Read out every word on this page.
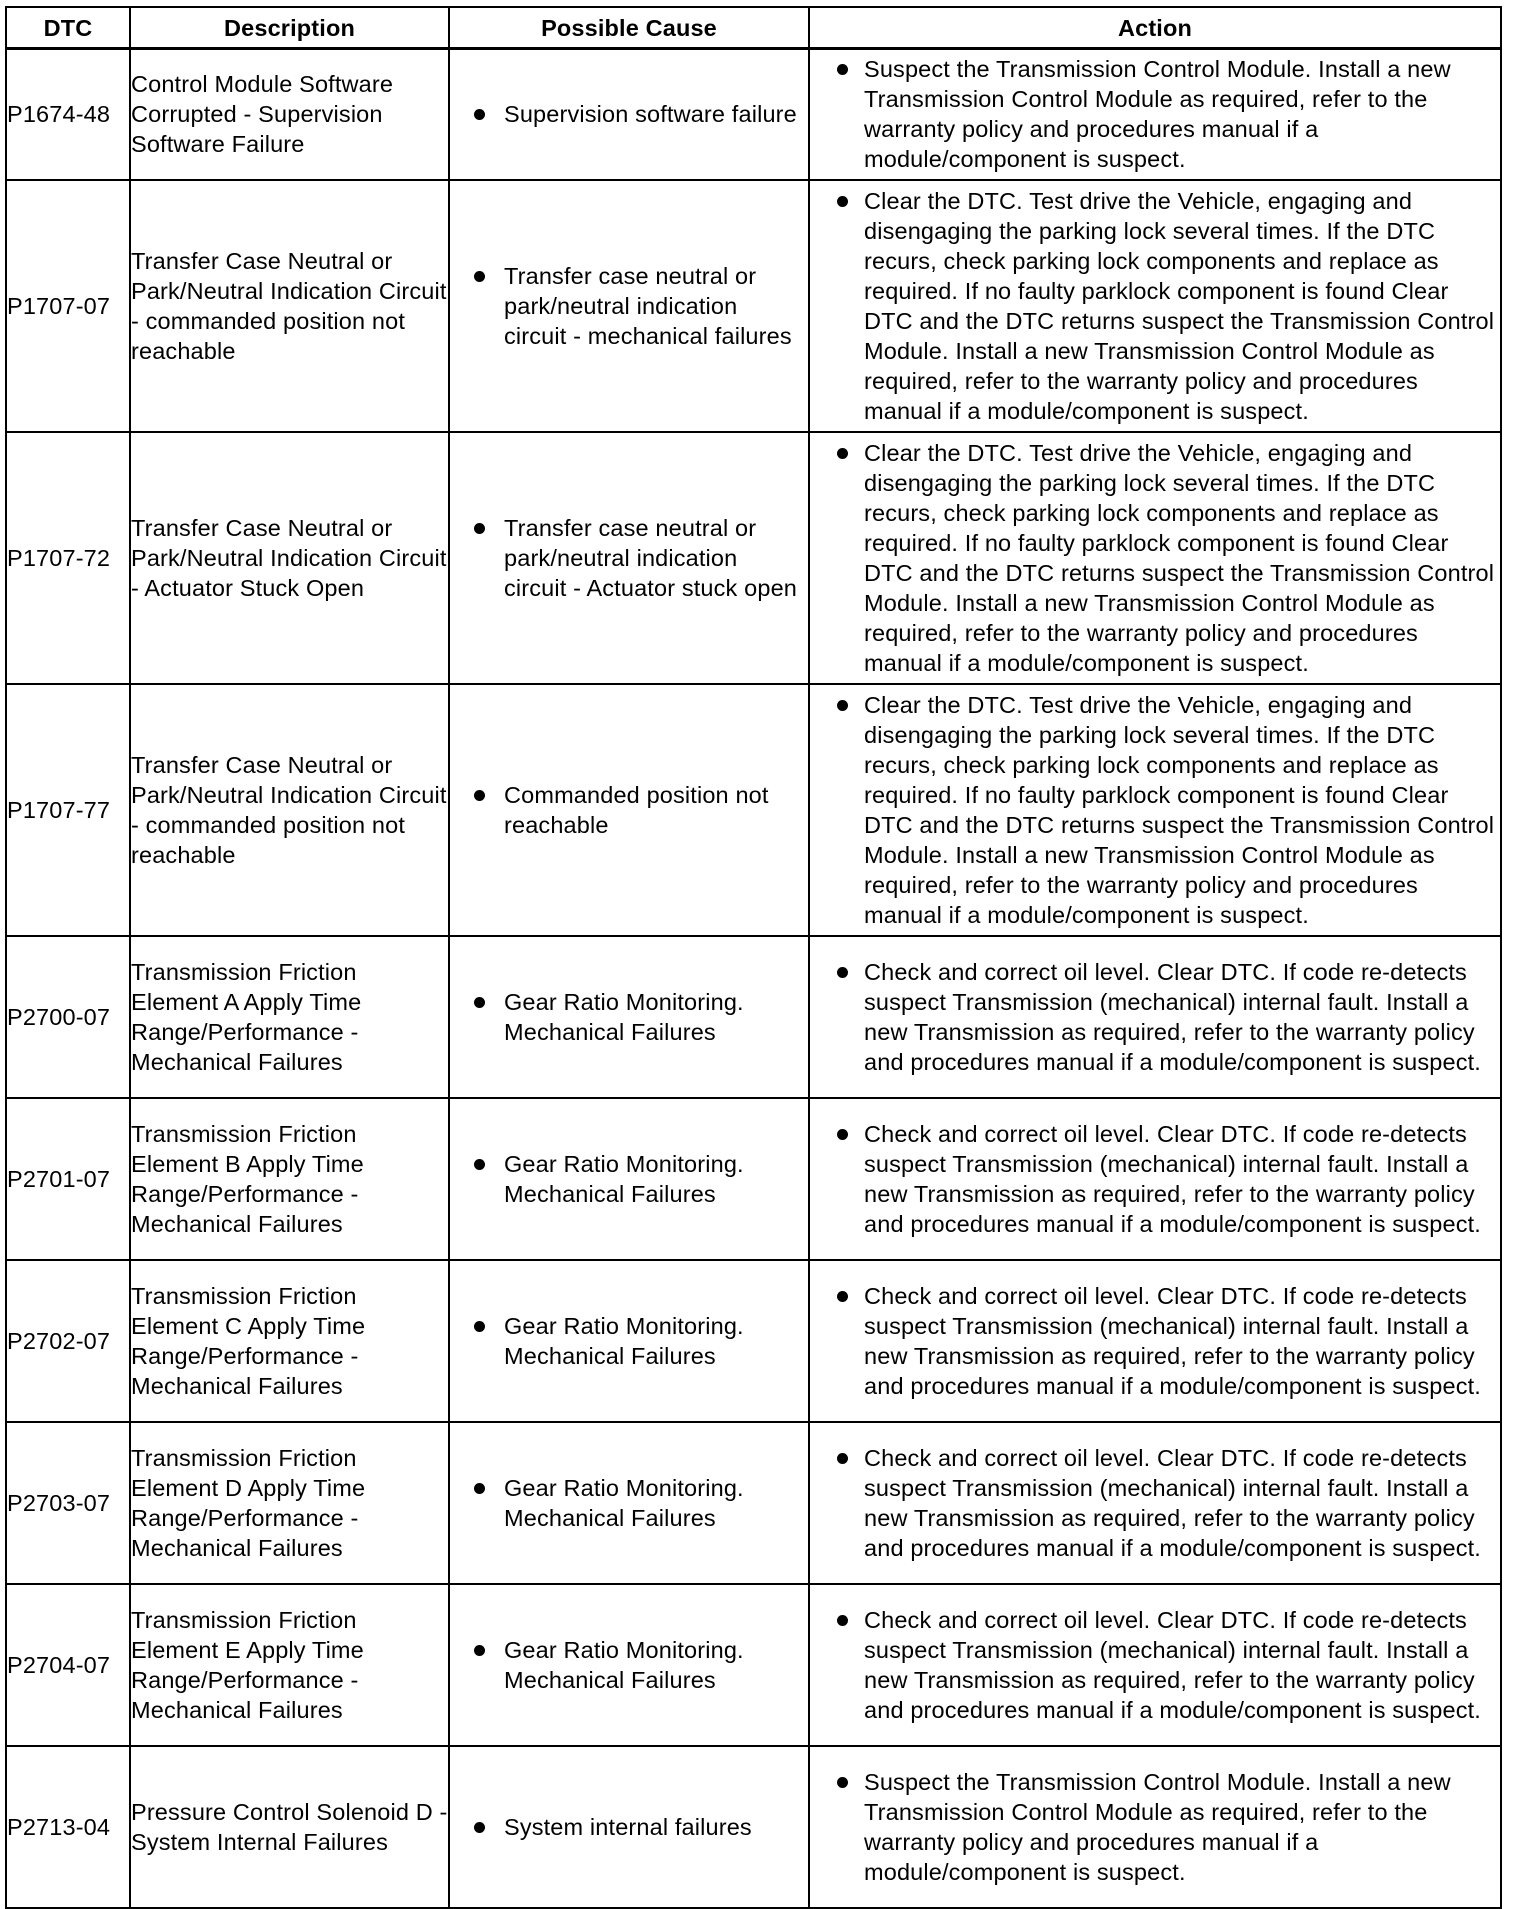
DTC	Description	Possible Cause	Action
P1674-48	Control Module Software Corrupted - Supervision Software Failure	Supervision software failure	Suspect the Transmission Control Module. Install a new Transmission Control Module as required, refer to the warranty policy and procedures manual if a module/component is suspect.

P1707-07	Transfer Case Neutral or Park/Neutral Indication Circuit - commanded position not reachable	Transfer case neutral or park/neutral indication circuit - mechanical failures	Clear the DTC. Test drive the Vehicle, engaging and disengaging the parking lock several times. If the DTC recurs, check parking lock components and replace as required. If no faulty parklock component is found Clear DTC and the DTC returns suspect the Transmission Control Module. Install a new Transmission Control Module as required, refer to the warranty policy and procedures manual if a module/component is suspect.

P1707-72	Transfer Case Neutral or Park/Neutral Indication Circuit - Actuator Stuck Open	Transfer case neutral or park/neutral indication circuit - Actuator stuck open	Clear the DTC. Test drive the Vehicle, engaging and disengaging the parking lock several times. If the DTC recurs, check parking lock components and replace as required. If no faulty parklock component is found Clear DTC and the DTC returns suspect the Transmission Control Module. Install a new Transmission Control Module as required, refer to the warranty policy and procedures manual if a module/component is suspect.

P1707-77	Transfer Case Neutral or Park/Neutral Indication Circuit - commanded position not reachable	Commanded position not reachable	Clear the DTC. Test drive the Vehicle, engaging and disengaging the parking lock several times. If the DTC recurs, check parking lock components and replace as required. If no faulty parklock component is found Clear DTC and the DTC returns suspect the Transmission Control Module. Install a new Transmission Control Module as required, refer to the warranty policy and procedures manual if a module/component is suspect.

P2700-07	Transmission Friction Element A Apply Time Range/Performance - Mechanical Failures	Gear Ratio Monitoring. Mechanical Failures	Check and correct oil level. Clear DTC. If code re-detects suspect Transmission (mechanical) internal fault. Install a new Transmission as required, refer to the warranty policy and procedures manual if a module/component is suspect.

P2701-07	Transmission Friction Element B Apply Time Range/Performance - Mechanical Failures	Gear Ratio Monitoring. Mechanical Failures	Check and correct oil level. Clear DTC. If code re-detects suspect Transmission (mechanical) internal fault. Install a new Transmission as required, refer to the warranty policy and procedures manual if a module/component is suspect.

P2702-07	Transmission Friction Element C Apply Time Range/Performance - Mechanical Failures	Gear Ratio Monitoring. Mechanical Failures	Check and correct oil level. Clear DTC. If code re-detects suspect Transmission (mechanical) internal fault. Install a new Transmission as required, refer to the warranty policy and procedures manual if a module/component is suspect.

P2703-07	Transmission Friction Element D Apply Time Range/Performance - Mechanical Failures	Gear Ratio Monitoring. Mechanical Failures	Check and correct oil level. Clear DTC. If code re-detects suspect Transmission (mechanical) internal fault. Install a new Transmission as required, refer to the warranty policy and procedures manual if a module/component is suspect.

P2704-07	Transmission Friction Element E Apply Time Range/Performance - Mechanical Failures	Gear Ratio Monitoring. Mechanical Failures	Check and correct oil level. Clear DTC. If code re-detects suspect Transmission (mechanical) internal fault. Install a new Transmission as required, refer to the warranty policy and procedures manual if a module/component is suspect.

P2713-04	Pressure Control Solenoid D - System Internal Failures	System internal failures	Suspect the Transmission Control Module. Install a new Transmission Control Module as required, refer to the warranty policy and procedures manual if a module/component is suspect.
